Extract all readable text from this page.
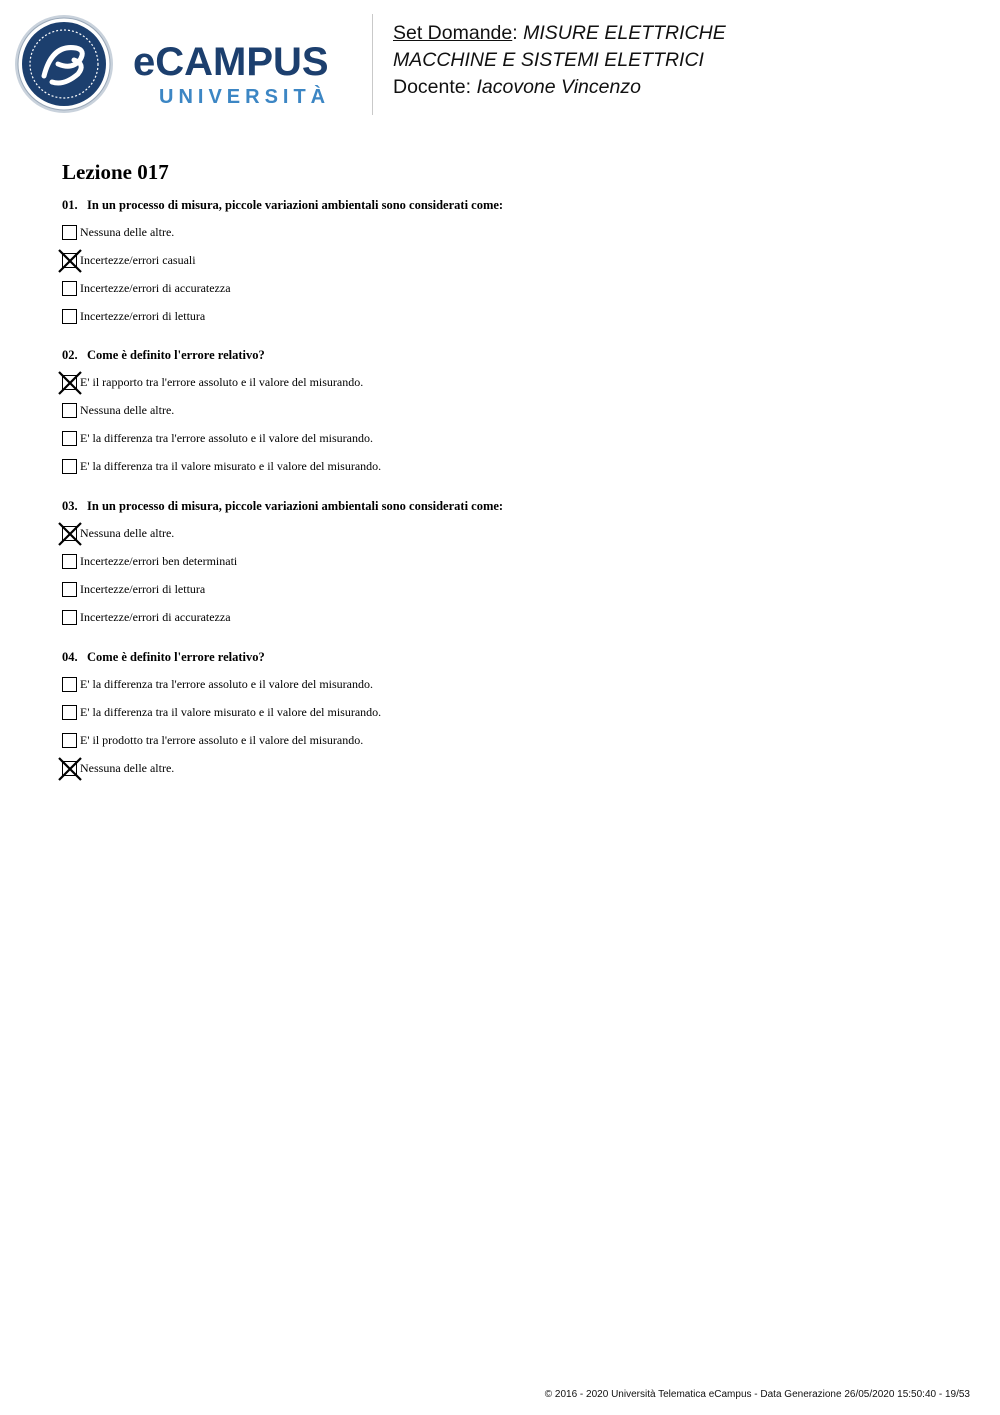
eCAMPUS
UNIVERSITÀ
Set Domande: MISURE ELETTRICHE
MACCHINE E SISTEMI ELETTRICI
Docente: Iacovone Vincenzo
Lezione 017

01. In un processo di misura, piccole variazioni ambientali sono considerati come:

Nessuna delle altre.
Incertezze/errori casuali
Incertezze/errori di accuratezza
Incertezze/errori di lettura

02. Come è definito l'errore relativo?

E' il rapporto tra l'errore assoluto e il valore del misurando.
Nessuna delle altre.
E' la differenza tra l'errore assoluto e il valore del misurando.
E' la differenza tra il valore misurato e il valore del misurando.

03. In un processo di misura, piccole variazioni ambientali sono considerati come:

Nessuna delle altre.
Incertezze/errori ben determinati
Incertezze/errori di lettura
Incertezze/errori di accuratezza

04. Come è definito l'errore relativo?

E' la differenza tra l'errore assoluto e il valore del misurando.
E' la differenza tra il valore misurato e il valore del misurando.
E' il prodotto tra l'errore assoluto e il valore del misurando.
Nessuna delle altre.
© 2016 - 2020 Università Telematica eCampus - Data Generazione 26/05/2020 15:50:40 - 19/53
